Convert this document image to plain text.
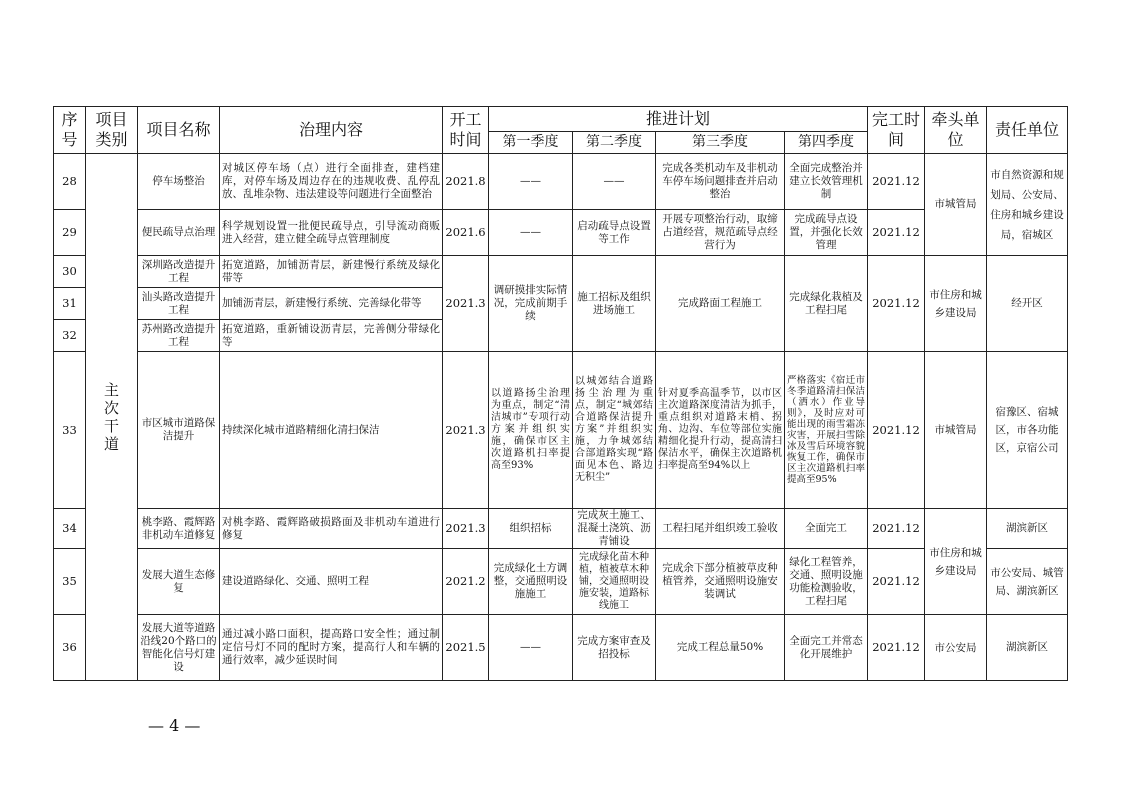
序号	项目类别	项目名称	治理内容	开工时间	推进计划				完工时间	牵头单位	责任单位
					第一季度	第二季度	第三季度	第四季度			
28	主次干道	停车场整治	对城区停车场（点）进行全面排查，建档建库，对停车场及周边存在的违规收费、乱停乱放、乱堆杂物、违法建设等问题进行全面整治	2021.8	——	——	完成各类机动车及非机动车停车场问题排查并启动整治	全面完成整治并建立长效管理机制	2021.12	市城管局	市自然资源和规划局、公安局、住房和城乡建设局，宿城区
29		便民疏导点治理	科学规划设置一批便民疏导点，引导流动商贩进入经营，建立健全疏导点管理制度	2021.6	——	启动疏导点设置等工作	开展专项整治行动，取缔占道经营，规范疏导点经营行为	完成疏导点设置，并强化长效管理	2021.12		
30		深圳路改造提升工程	拓宽道路，加铺沥青层，新建慢行系统及绿化带等	2021.3	调研摸排实际情况，完成前期手续	施工招标及组织进场施工	完成路面工程施工	完成绿化栽植及工程扫尾	2021.12	市住房和城乡建设局	经开区
31		汕头路改造提升工程	加铺沥青层，新建慢行系统、完善绿化带等								
32		苏州路改造提升工程	拓宽道路，重新铺设沥青层，完善侧分带绿化等								
33		市区城市道路保洁提升	持续深化城市道路精细化清扫保洁	2021.3	以道路扬尘治理为重点，制定“清洁城市”专项行动方案并组织实施，确保市区主次道路机扫率提高至93%	以城郊结合道路扬尘治理为重点，制定“城郊结合道路保洁提升方案”并组织实施，力争城郊结合部道路实现“路面见本色、路边无积尘”	针对夏季高温季节，以市区主次道路深度清洁为抓手，重点组织对道路末梢、拐角、边沟、车位等部位实施精细化提升行动，提高清扫保洁水平，确保主次道路机扫率提高至94%以上	严格落实《宿迁市冬季道路清扫保洁（洒水）作业导则》，及时应对可能出现的雨雪霜冻灾害，开展扫雪除冰及雪后环境容貌恢复工作，确保市区主次道路机扫率提高至95%	2021.12	市城管局	宿豫区、宿城区，市各功能区，京宿公司
34		桃李路、霞辉路非机动车道修复	对桃李路、霞辉路破损路面及非机动车道进行修复	2021.3	组织招标	完成灰土施工、混凝土浇筑、沥青铺设	工程扫尾并组织竣工验收	全面完工	2021.12	市住房和城乡建设局	湖滨新区
35		发展大道生态修复	建设道路绿化、交通、照明工程	2021.2	完成绿化土方调整，交通照明设施施工	完成绿化苗木种植，植被草木种铺，交通照明设施安装，道路标线施工	完成余下部分植被草皮种植管养，交通照明设施安装调试	绿化工程管养，交通、照明设施功能检测验收，工程扫尾	2021.12		市公安局、城管局、湖滨新区
36		发展大道等道路沿线20个路口的智能化信号灯建设	通过减小路口面积，提高路口安全性；通过制定信号灯不同的配时方案，提高行人和车辆的通行效率，减少延误时间	2021.5	——	完成方案审查及招投标	完成工程总量50%	全面完工并常态化开展维护	2021.12	市公安局	湖滨新区
— 4 —
